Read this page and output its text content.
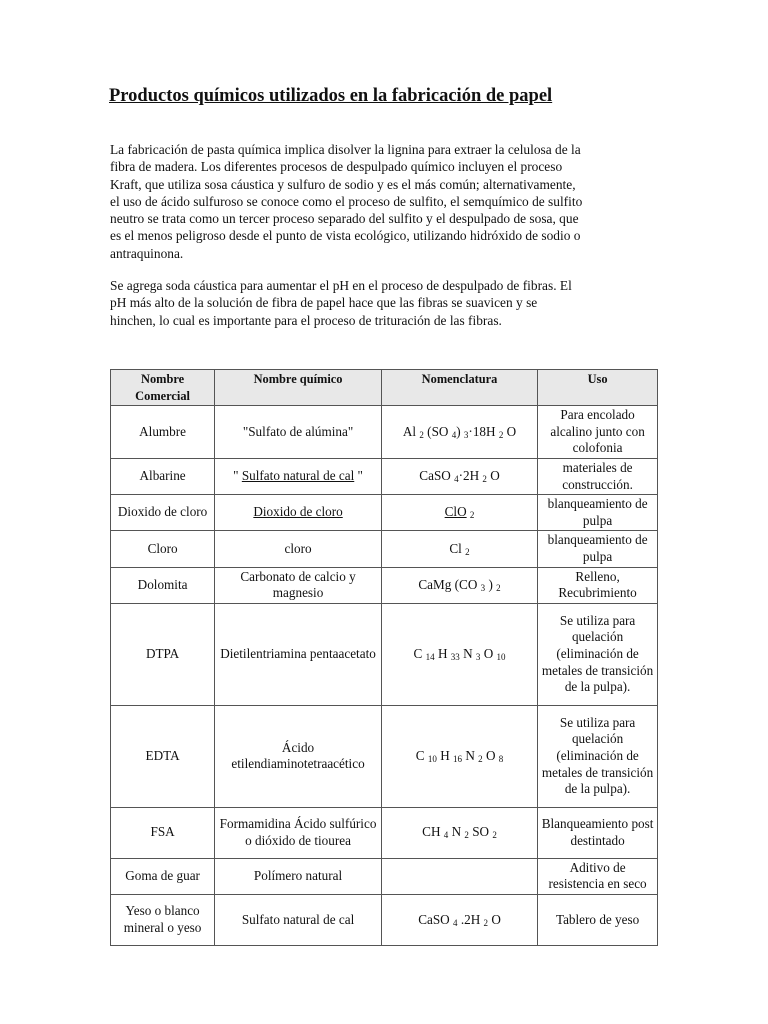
Productos químicos utilizados en la fabricación de papel

La fabricación de pasta química implica disolver la lignina para extraer la celulosa de la
fibra de madera. Los diferentes procesos de despulpado químico incluyen el proceso
Kraft, que utiliza sosa cáustica y sulfuro de sodio y es el más común; alternativamente,
el uso de ácido sulfuroso se conoce como el proceso de sulfito, el semquímico de sulfito
neutro se trata como un tercer proceso separado del sulfito y el despulpado de sosa, que
es el menos peligroso desde el punto de vista ecológico, utilizando hidróxido de sodio o
antraquinona.

Se agrega soda cáustica para aumentar el pH en el proceso de despulpado de fibras. El
pH más alto de la solución de fibra de papel hace que las fibras se suavicen y se
hinchen, lo cual es importante para el proceso de trituración de las fibras.

Nombre Comercial	Nombre químico	Nomenclatura	Uso
Alumbre	"Sulfato de alúmina"	Al $_2$ (SO $_4$) $_3$·18H $_2$ O	Para encolado alcalino junto con colofonia
Albarine	" Sulfato natural de cal "	CaSO $_4$·2H $_2$ O	materiales de construcción.
Dioxido de cloro	Dioxido de cloro	ClO $_2$	blanqueamiento de pulpa
Cloro	cloro	Cl $_2$	blanqueamiento de pulpa
Dolomita	Carbonato de calcio y magnesio	CaMg (CO $_3$ ) $_2$	Relleno, Recubrimiento
DTPA	Dietilentriamina pentaacetato	C $_{14}$ H $_{33}$ N $_3$ O $_{10}$	Se utiliza para quelación (eliminación de metales de transición de la pulpa).
EDTA	Ácido etilendiaminotetraacético	C $_{10}$ H $_{16}$ N $_2$ O $_8$	Se utiliza para quelación (eliminación de metales de transición de la pulpa).
FSA	Formamidina Ácido sulfúrico o dióxido de tiourea	CH $_4$ N $_2$ SO $_2$	Blanqueamiento post destintado
Goma de guar	Polímero natural		Aditivo de resistencia en seco
Yeso o blanco mineral o yeso	Sulfato natural de cal	CaSO $_4$ .2H $_2$ O	Tablero de yeso
